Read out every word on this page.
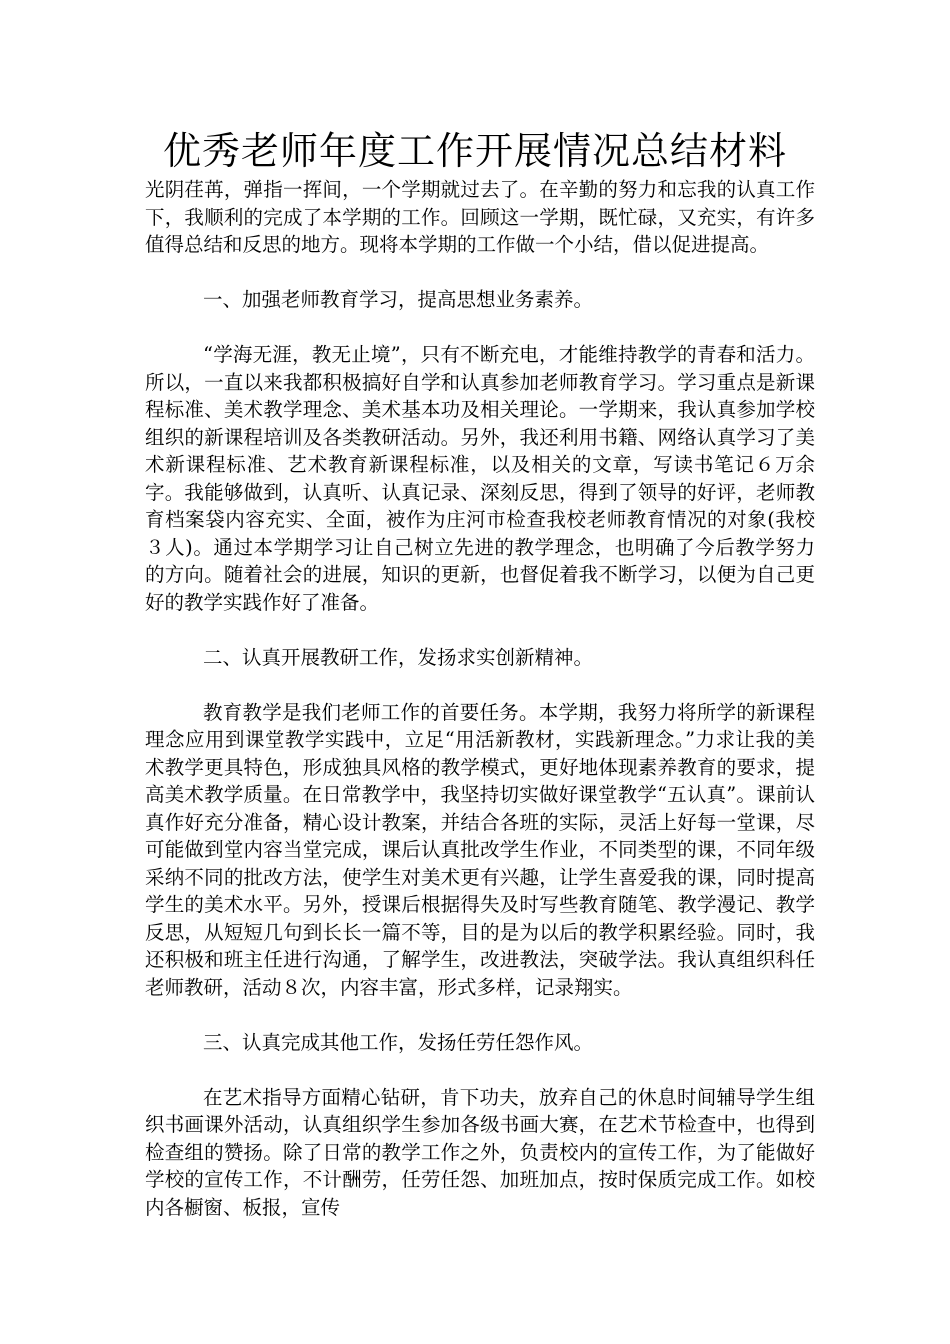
优秀老师年度工作开展情况总结材料

光阴荏苒，弹指一挥间，一个学期就过去了。在辛勤的努力和忘我的认真工作下，我顺利的完成了本学期的工作。回顾这一学期，既忙碌，又充实，有许多值得总结和反思的地方。现将本学期的工作做一个小结，借以促进提高。

一、加强老师教育学习，提高思想业务素养。

“学海无涯，教无止境”，只有不断充电，才能维持教学的青春和活力。所以，一直以来我都积极搞好自学和认真参加老师教育学习。学习重点是新课程标准、美术教学理念、美术基本功及相关理论。一学期来，我认真参加学校组织的新课程培训及各类教研活动。另外，我还利用书籍、网络认真学习了美术新课程标准、艺术教育新课程标准，以及相关的文章，写读书笔记６万余字。我能够做到，认真听、认真记录、深刻反思，得到了领导的好评，老师教育档案袋内容充实、全面，被作为庄河市检查我校老师教育情况的对象(我校３人)。通过本学期学习让自己树立先进的教学理念，也明确了今后教学努力的方向。随着社会的进展，知识的更新，也督促着我不断学习，以便为自己更好的教学实践作好了准备。

二、认真开展教研工作，发扬求实创新精神。

教育教学是我们老师工作的首要任务。本学期，我努力将所学的新课程理念应用到课堂教学实践中，立足“用活新教材，实践新理念。”力求让我的美术教学更具特色，形成独具风格的教学模式，更好地体现素养教育的要求，提高美术教学质量。在日常教学中，我坚持切实做好课堂教学“五认真”。课前认真作好充分准备，精心设计教案，并结合各班的实际，灵活上好每一堂课，尽可能做到堂内容当堂完成，课后认真批改学生作业，不同类型的课，不同年级采纳不同的批改方法，使学生对美术更有兴趣，让学生喜爱我的课，同时提高学生的美术水平。另外，授课后根据得失及时写些教育随笔、教学漫记、教学反思，从短短几句到长长一篇不等，目的是为以后的教学积累经验。同时，我还积极和班主任进行沟通，了解学生，改进教法，突破学法。我认真组织科任老师教研，活动８次，内容丰富，形式多样，记录翔实。

三、认真完成其他工作，发扬任劳任怨作风。

在艺术指导方面精心钻研，肯下功夫，放弃自己的休息时间辅导学生组织书画课外活动，认真组织学生参加各级书画大赛，在艺术节检查中，也得到检查组的赞扬。除了日常的教学工作之外，负责校内的宣传工作，为了能做好学校的宣传工作，不计酬劳，任劳任怨、加班加点，按时保质完成工作。如校内各橱窗、板报，宣传
